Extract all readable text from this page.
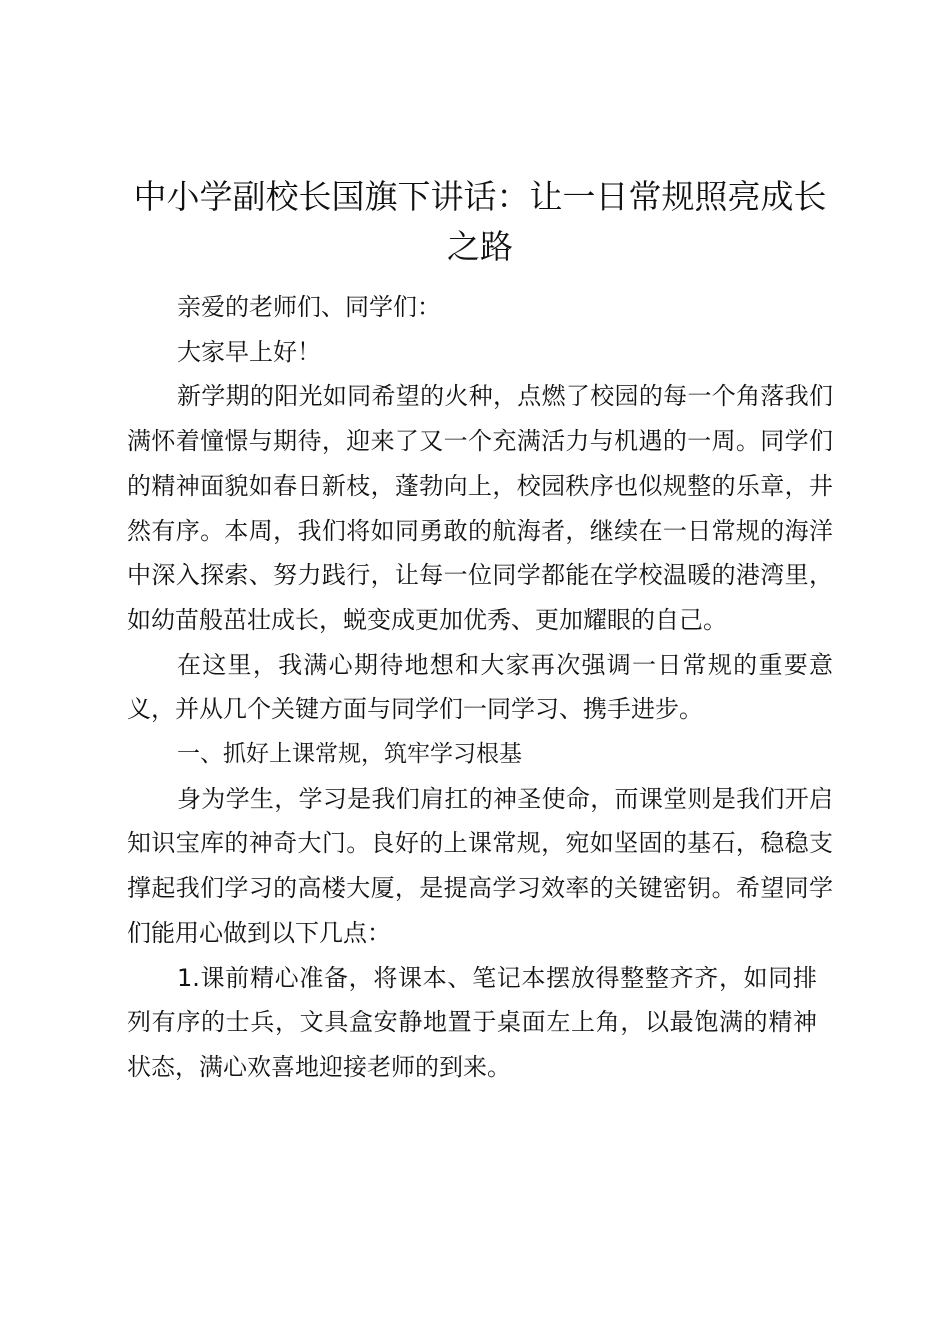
中小学副校长国旗下讲话：让一日常规照亮成长之路

亲爱的老师们、同学们：

大家早上好！

新学期的阳光如同希望的火种，点燃了校园的每一个角落我们满怀着憧憬与期待，迎来了又一个充满活力与机遇的一周。同学们的精神面貌如春日新枝，蓬勃向上，校园秩序也似规整的乐章，井然有序。本周，我们将如同勇敢的航海者，继续在一日常规的海洋中深入探索、努力践行，让每一位同学都能在学校温暖的港湾里，如幼苗般茁壮成长，蜕变成更加优秀、更加耀眼的自己。

在这里，我满心期待地想和大家再次强调一日常规的重要意义，并从几个关键方面与同学们一同学习、携手进步。

一、抓好上课常规，筑牢学习根基

身为学生，学习是我们肩扛的神圣使命，而课堂则是我们开启知识宝库的神奇大门。良好的上课常规，宛如坚固的基石，稳稳支撑起我们学习的高楼大厦，是提高学习效率的关键密钥。希望同学们能用心做到以下几点：

1.课前精心准备，将课本、笔记本摆放得整整齐齐，如同排列有序的士兵，文具盒安静地置于桌面左上角，以最饱满的精神状态，满心欢喜地迎接老师的到来。
